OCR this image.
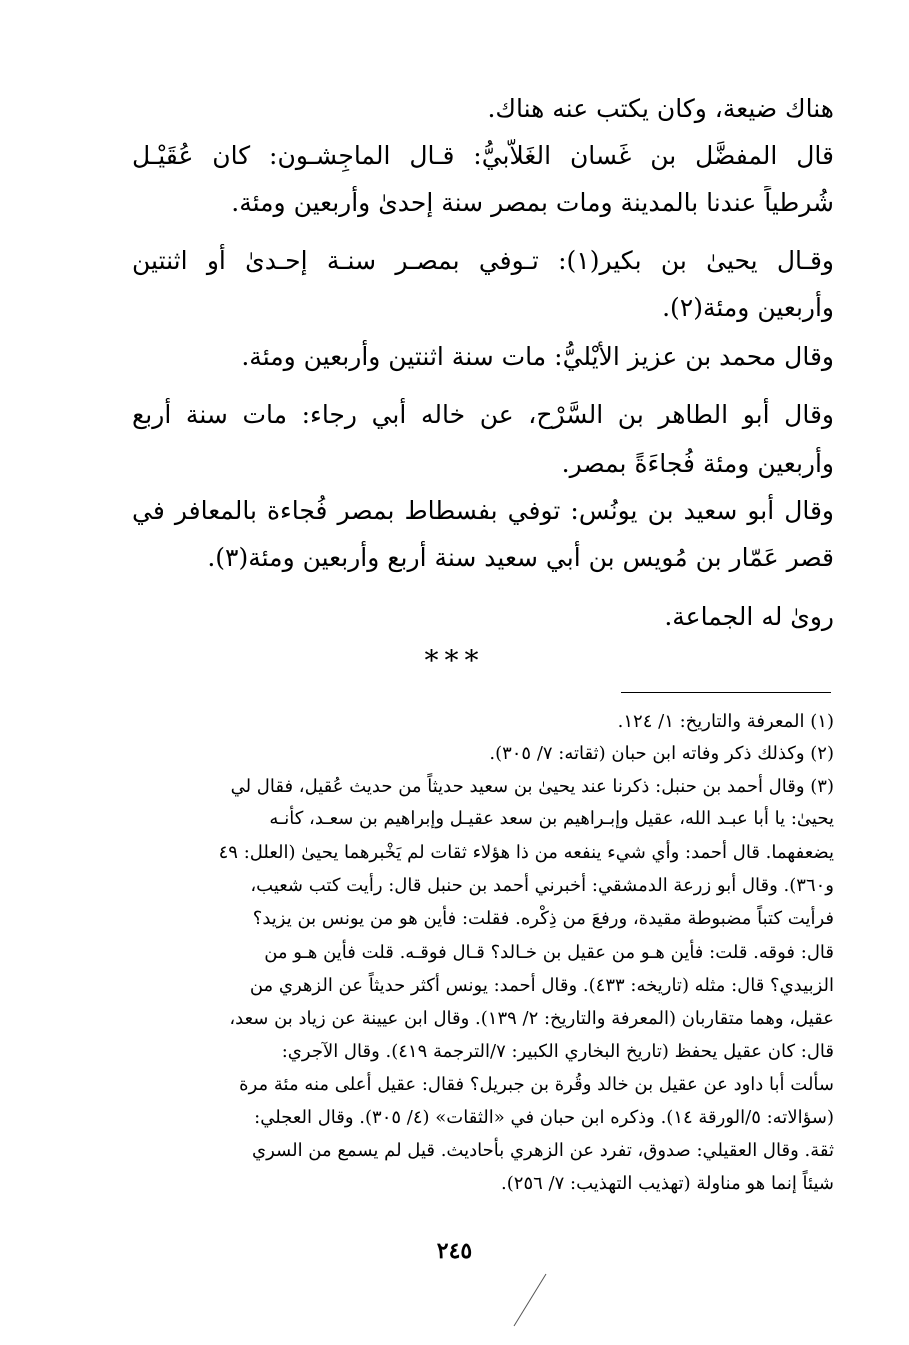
هناك ضيعة، وكان يكتب عنه هناك.
قال المفضَّل بن غَسان الغَلاَّبيُّ: قـال الماجِشـون: كان عُقَيْـل
شُرطياً عندنا بالمدينة ومات بمصر سنة إحدىٰ وأربعين ومئة.
وقـال يحيىٰ بن بكير(١): تـوفي بمصـر سنـة إحـدىٰ أو اثنتين
وأربعين ومئة(٢).
وقال محمد بن عزيز الأَيْليُّ: مات سنة اثنتين وأربعين ومئة.
وقال أبو الطاهر بن السَّرْح، عن خاله أبي رجاء: مات سنة أربع
وأربعين ومئة فُجاءَةً بمصر.
وقال أبو سعيد بن يونُس: توفي بفسطاط بمصر فُجاءة بالمعافر في
قصر عَمّار بن مُويس بن أبي سعيد سنة أربع وأربعين ومئة(٣).
روىٰ له الجماعة.
***
(١) المعرفة والتاريخ: ١/ ١٢٤.
(٢) وكذلك ذكر وفاته ابن حبان (ثقاته: ٧/ ٣٠٥).
(٣) وقال أحمد بن حنبل: ذكرنا عند يحيىٰ بن سعيد حديثاً من حديث عُقيل، فقال لي
يحيىٰ: يا أبا عبـد الله، عقيل وإبـراهيم بن سعد عقيـل وإبراهيم بن سعـد، كأنـه
يضعفهما. قال أحمد: وأي شيء ينفعه من ذا هؤلاء ثقات لم يَخْبرهما يحيىٰ (العلل: ٤٩
و٣٦٠). وقال أبو زرعة الدمشقي: أخبرني أحمد بن حنبل قال: رأيت كتب شعيب،
فرأيت كتباً مضبوطة مقيدة، ورفعَ من ذِكْره. فقلت: فأين هو من يونس بن يزيد؟
قال: فوقه. قلت: فأين هـو من عقيل بن خـالد؟ قـال فوقـه. قلت فأين هـو من
الزبيدي؟ قال: مثله (تاريخه: ٤٣٣). وقال أحمد: يونس أكثر حديثاً عن الزهري من
عقيل، وهما متقاربان (المعرفة والتاريخ: ٢/ ١٣٩). وقال ابن عيينة عن زياد بن سعد،
قال: كان عقيل يحفظ (تاريخ البخاري الكبير: ٧/الترجمة ٤١٩). وقال الآجري:
سألت أبا داود عن عقيل بن خالد وقُرة بن جبريل؟ فقال: عقيل أعلى منه مئة مرة
(سؤالاته: ٥/الورقة ١٤). وذكره ابن حبان في «الثقات» (٤/ ٣٠٥). وقال العجلي:
ثقة. وقال العقيلي: صدوق، تفرد عن الزهري بأحاديث. قيل لم يسمع من السري
شيئاً إنما هو مناولة (تهذيب التهذيب: ٧/ ٢٥٦).
٢٤٥
